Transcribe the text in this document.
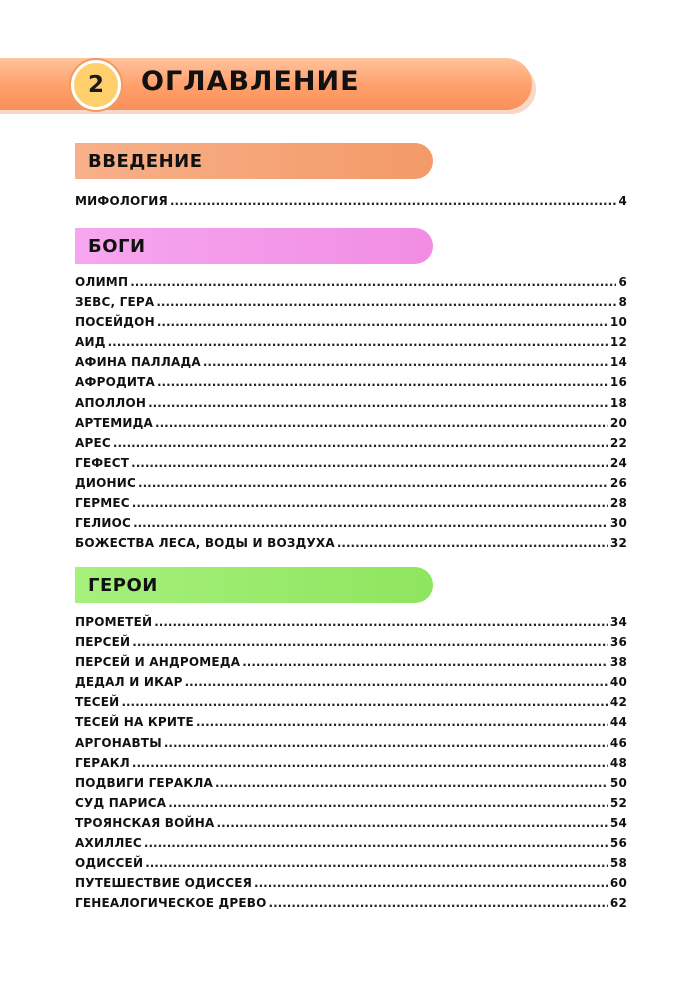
2	ОГЛАВЛЕНИЕ
ВВЕДЕНИЕ
МИФОЛОГИЯ .....	4
БОГИ
ОЛИМП .....	6
ЗЕВС, ГЕРА .....	8
ПОСЕЙДОН .....	10
АИД .....	12
АФИНА ПАЛЛАДА .....	14
АФРОДИТА .....	16
АПОЛЛОН .....	18
АРТЕМИДА .....	20
АРЕС .....	22
ГЕФЕСТ .....	24
ДИОНИС .....	26
ГЕРМЕС .....	28
ГЕЛИОС .....	30
БОЖЕСТВА ЛЕСА, ВОДЫ И ВОЗДУХА .....	32
ГЕРОИ
ПРОМЕТЕЙ .....	34
ПЕРСЕЙ .....	36
ПЕРСЕЙ И АНДРОМЕДА .....	38
ДЕДАЛ И ИКАР .....	40
ТЕСЕЙ .....	42
ТЕСЕЙ НА КРИТЕ .....	44
АРГОНАВТЫ .....	46
ГЕРАКЛ .....	48
ПОДВИГИ ГЕРАКЛА .....	50
СУД ПАРИСА .....	52
ТРОЯНСКАЯ ВОЙНА .....	54
АХИЛЛЕС .....	56
ОДИССЕЙ .....	58
ПУТЕШЕСТВИЕ ОДИССЕЯ .....	60
ГЕНЕАЛОГИЧЕСКОЕ ДРЕВО .....	62
